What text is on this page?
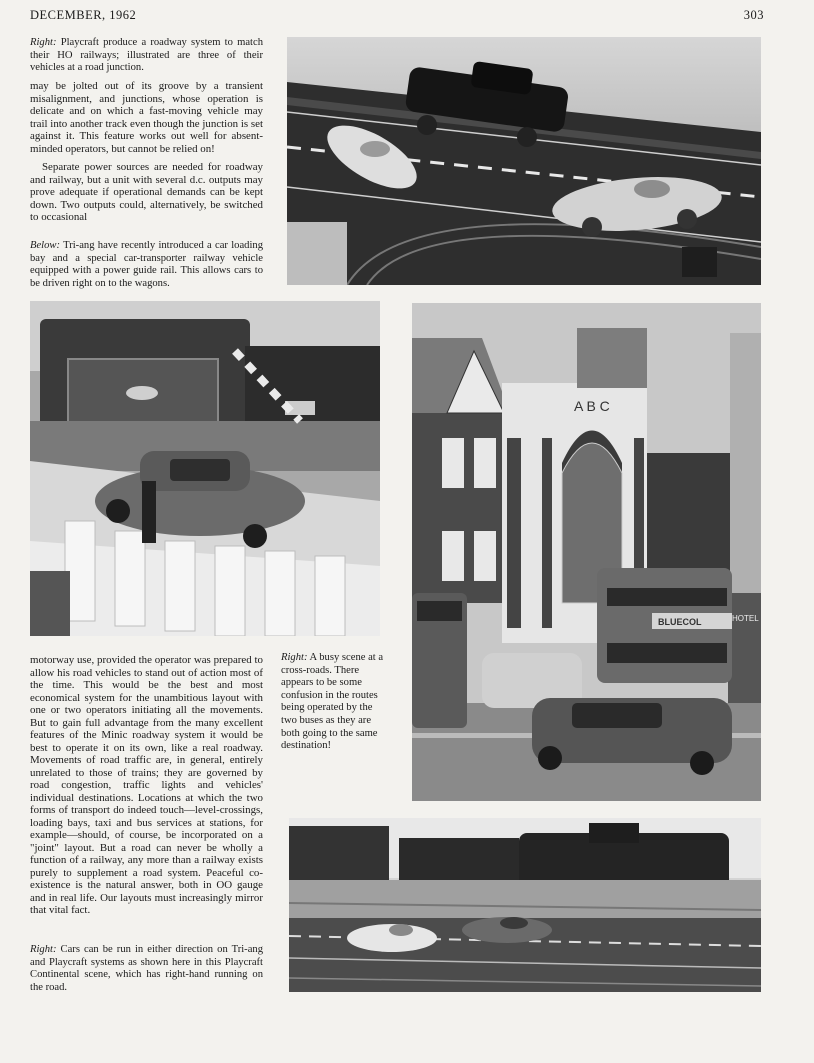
DECEMBER, 1962	303
Right: Playcraft produce a roadway system to match their HO railways; illustrated are three of their vehicles at a road junction.

may be jolted out of its groove by a transient misalignment, and junctions, whose operation is delicate and on which a fast-moving vehicle may trail into another track even though the junction is set against it. This feature works out well for absent-minded operators, but cannot be relied on!

Separate power sources are needed for roadway and railway, but a unit with several d.c. outputs may prove adequate if operational demands can be kept down. Two outputs could, alternatively, be switched to occasional

Below: Tri-ang have recently introduced a car loading bay and a special car-transporter railway vehicle equipped with a power guide rail. This allows cars to be driven right on to the wagons.

motorway use, provided the operator was prepared to allow his road vehicles to stand out of action most of the time. This would be the best and most economical system for the unambitious layout with one or two operators initiating all the movements. But to gain full advantage from the many excellent features of the Minic roadway system it would be best to operate it on its own, like a real roadway. Movements of road traffic are, in general, entirely unrelated to those of trains; they are governed by road congestion, traffic lights and vehicles' individual destinations. Locations at which the two forms of transport do indeed touch—level-crossings, loading bays, taxi and bus services at stations, for example—should, of course, be incorporated on a "joint" layout. But a road can never be wholly a function of a railway, any more than a railway exists purely to supplement a road system. Peaceful co-existence is the natural answer, both in OO gauge and in real life. Our layouts must increasingly mirror that vital fact.

Right: A busy scene at a cross-roads. There appears to be some confusion in the routes being operated by the two buses as they are both going to the same destination!
Right: Cars can be run in either direction on Tri-ang and Playcraft systems as shown here in this Playcraft Continental scene, which has right-hand running on the road.
A B C
HOTEL
BLUECOL
